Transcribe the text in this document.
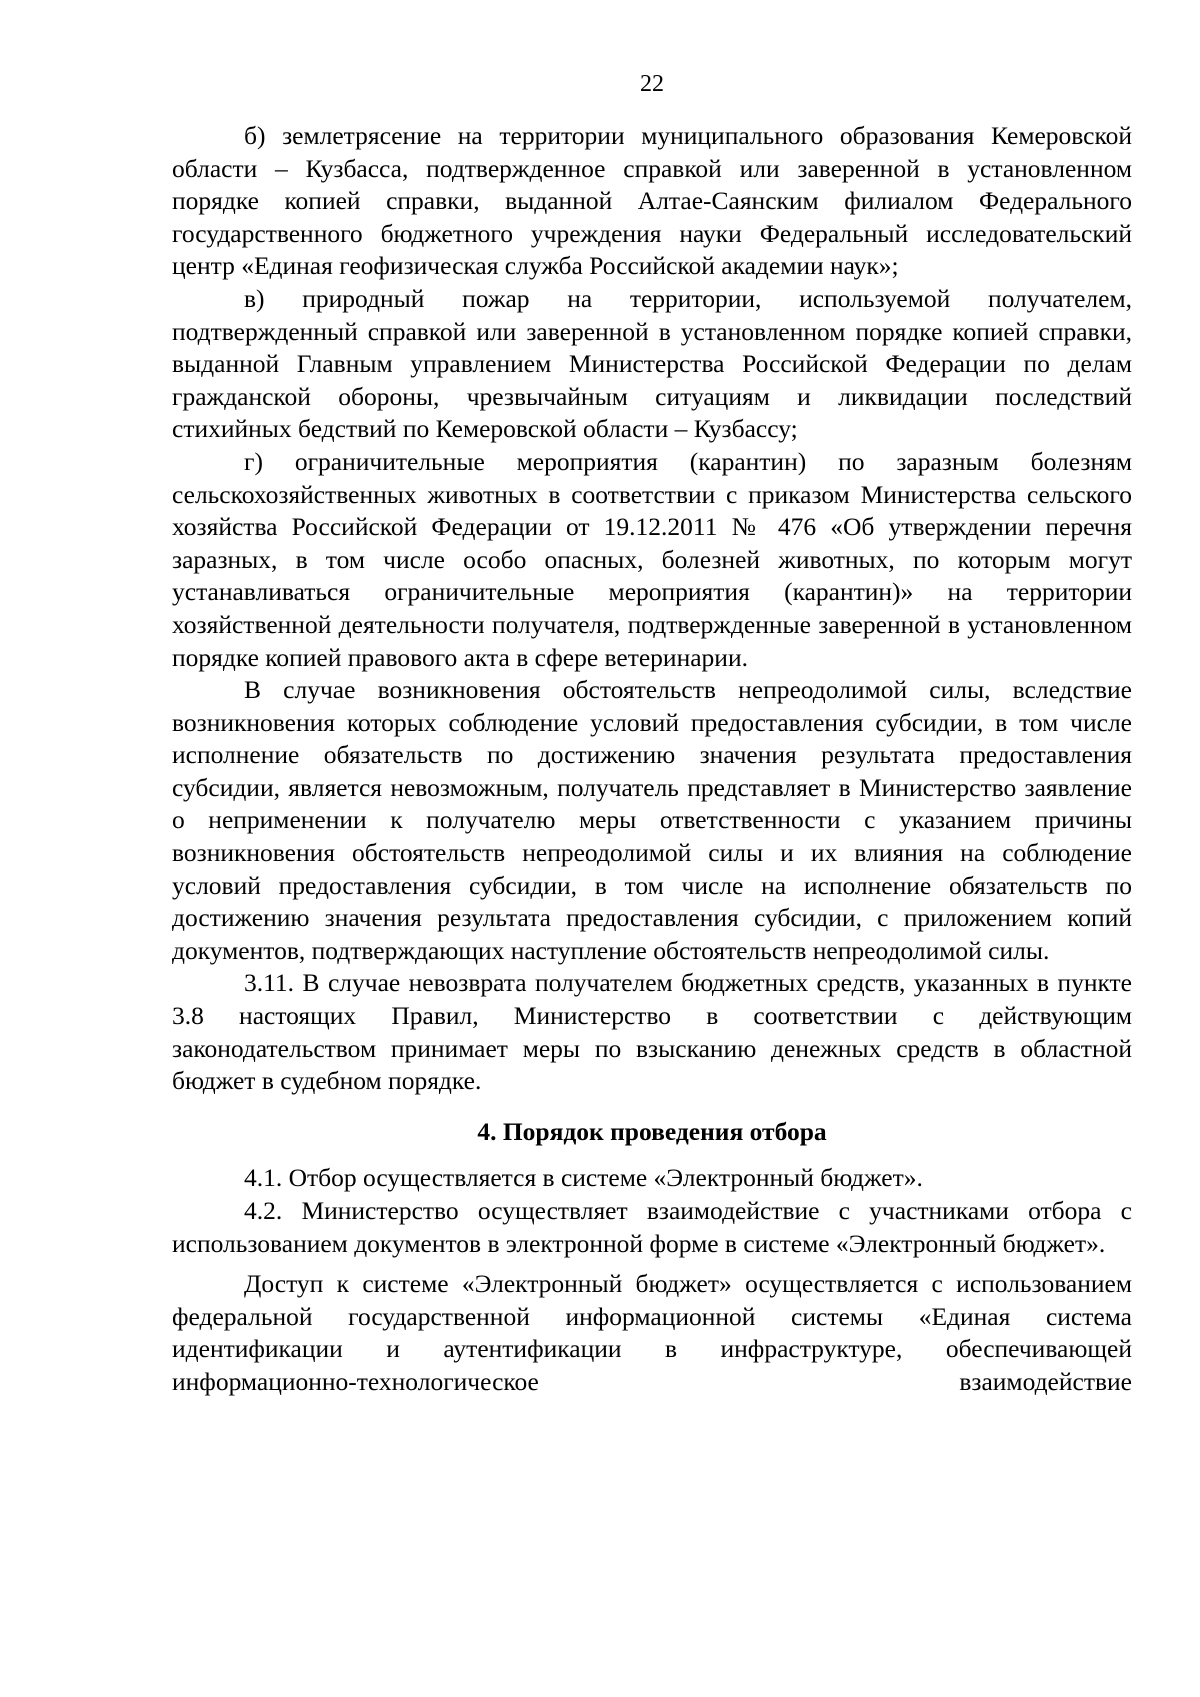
22

б) землетрясение на территории муниципального образования Кемеровской области – Кузбасса, подтвержденное справкой или заверенной в установленном порядке копией справки, выданной Алтае-Саянским филиалом Федерального государственного бюджетного учреждения науки Федеральный исследовательский центр «Единая геофизическая служба Российской академии наук»;

в) природный пожар на территории, используемой получателем, подтвержденный справкой или заверенной в установленном порядке копией справки, выданной Главным управлением Министерства Российской Федерации по делам гражданской обороны, чрезвычайным ситуациям и ликвидации последствий стихийных бедствий по Кемеровской области – Кузбассу;

г) ограничительные мероприятия (карантин) по заразным болезням сельскохозяйственных животных в соответствии с приказом Министерства сельского хозяйства Российской Федерации от 19.12.2011 № 476 «Об утверждении перечня заразных, в том числе особо опасных, болезней животных, по которым могут устанавливаться ограничительные мероприятия (карантин)» на территории хозяйственной деятельности получателя, подтвержденные заверенной в установленном порядке копией правового акта в сфере ветеринарии.

В случае возникновения обстоятельств непреодолимой силы, вследствие возникновения которых соблюдение условий предоставления субсидии, в том числе исполнение обязательств по достижению значения результата предоставления субсидии, является невозможным, получатель представляет в Министерство заявление о неприменении к получателю меры ответственности с указанием причины возникновения обстоятельств непреодолимой силы и их влияния на соблюдение условий предоставления субсидии, в том числе на исполнение обязательств по достижению значения результата предоставления субсидии, с приложением копий документов, подтверждающих наступление обстоятельств непреодолимой силы.

3.11. В случае невозврата получателем бюджетных средств, указанных в пункте 3.8 настоящих Правил, Министерство в соответствии с действующим законодательством принимает меры по взысканию денежных средств в областной бюджет в судебном порядке.

4. Порядок проведения отбора

4.1. Отбор осуществляется в системе «Электронный бюджет».

4.2. Министерство осуществляет взаимодействие с участниками отбора с использованием документов в электронной форме в системе «Электронный бюджет».

Доступ к системе «Электронный бюджет» осуществляется с использованием федеральной государственной информационной системы «Единая система идентификации и аутентификации в инфраструктуре, обеспечивающей информационно-технологическое взаимодействие
